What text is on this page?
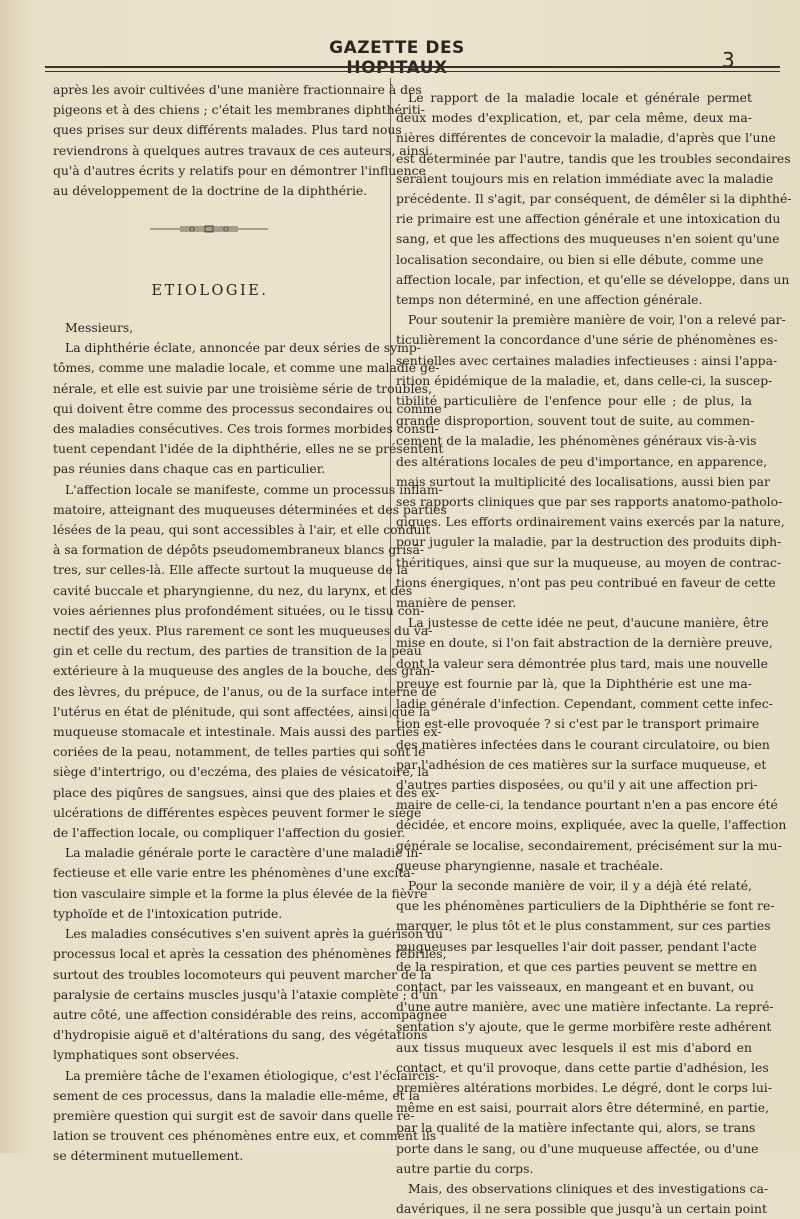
GAZETTE DES HOPITAUX	3
après les avoir cultivées d'une manière fractionnaire à des
pigeons et à des chiens ; c'était les membranes diphthériti-
ques prises sur deux différents malades. Plus tard nous
reviendrons à quelques autres travaux de ces auteurs, ainsi
qu'à d'autres écrits y relatifs pour en démontrer l'influence
au développement de la doctrine de la diphthérie.
ETIOLOGIE.
Messieurs,
La diphthérie éclate, annoncée par deux séries de symp-
tômes, comme une maladie locale, et comme une maladie gé-
nérale, et elle est suivie par une troisième série de troubles,
qui doivent être comme des processus secondaires ou comme
des maladies consécutives. Ces trois formes morbides consti-
tuent cependant l'idée de la diphthérie, elles ne se présentent
pas réunies dans chaque cas en particulier.
L'affection locale se manifeste, comme un processus inflam-
matoire, atteignant des muqueuses déterminées et des parties
lésées de la peau, qui sont accessibles à l'air, et elle conduit
à sa formation de dépôts pseudomembraneux blancs grisâ-
tres, sur celles-là. Elle affecte surtout la muqueuse de la
cavité buccale et pharyngienne, du nez, du larynx, et des
voies aériennes plus profondément situées, ou le tissu con-
nectif des yeux. Plus rarement ce sont les muqueuses du va-
gin et celle du rectum, des parties de transition de la peau
extérieure à la muqueuse des angles de la bouche, des gran-
des lèvres, du prépuce, de l'anus, ou de la surface interne de
l'utérus en état de plénitude, qui sont affectées, ainsi que la
muqueuse stomacale et intestinale. Mais aussi des parties ex-
coriées de la peau, notamment, de telles parties qui sont le
siège d'intertrigo, ou d'eczéma, des plaies de vésicatoire, la
place des piqûres de sangsues, ainsi que des plaies et des ex-
ulcérations de différentes espèces peuvent former le siège
de l'affection locale, ou compliquer l'affection du gosier.
La maladie générale porte le caractère d'une maladie in-
fectieuse et elle varie entre les phénomènes d'une excita-
tion vasculaire simple et la forme la plus élevée de la fièvre
typhoïde et de l'intoxication putride.
Les maladies consécutives s'en suivent après la guérison du
processus local et après la cessation des phénomènes fébriles,
surtout des troubles locomoteurs qui peuvent marcher de la
paralysie de certains muscles jusqu'à l'ataxie complète ; d'un
autre côté, une affection considérable des reins, accompagnée
d'hydropisie aiguë et d'altérations du sang, des végétations
lymphatiques sont observées.
La première tâche de l'examen étiologique, c'est l'éclaircis-
sement de ces processus, dans la maladie elle-même, et la
première question qui surgit est de savoir dans quelle re-
lation se trouvent ces phénomènes entre eux, et comment ils
se déterminent mutuellement.
Le rapport de la maladie locale et générale permet
deux modes d'explication, et, par cela même, deux ma-
nières différentes de concevoir la maladie, d'après que l'une
est déterminée par l'autre, tandis que les troubles secondaires
seraient toujours mis en relation immédiate avec la maladie
précédente. Il s'agit, par conséquent, de démêler si la diphthé-
rie primaire est une affection générale et une intoxication du
sang, et que les affections des muqueuses n'en soient qu'une
localisation secondaire, ou bien si elle débute, comme une
affection locale, par infection, et qu'elle se développe, dans un
temps non déterminé, en une affection générale.
Pour soutenir la première manière de voir, l'on a relevé par-
ticulièrement la concordance d'une série de phénomènes es-
sentielles avec certaines maladies infectieuses : ainsi l'appa-
rition épidémique de la maladie, et, dans celle-ci, la suscep-
tibilité particulière de l'enfence pour elle ; de plus, la
grande disproportion, souvent tout de suite, au commen-
cement de la maladie, les phénomènes généraux vis-à-vis
des altérations locales de peu d'importance, en apparence,
mais surtout la multiplicité des localisations, aussi bien par
ses rapports cliniques que par ses rapports anatomo-patholo-
giques. Les efforts ordinairement vains exercés par la nature,
pour juguler la maladie, par la destruction des produits diph-
théritiques, ainsi que sur la muqueuse, au moyen de contrac-
tions énergiques, n'ont pas peu contribué en faveur de cette
manière de penser.
La justesse de cette idée ne peut, d'aucune manière, être
mise en doute, si l'on fait abstraction de la dernière preuve,
dont la valeur sera démontrée plus tard, mais une nouvelle
preuve est fournie par là, que la Diphthérie est une ma-
ladie générale d'infection. Cependant, comment cette infec-
tion est-elle provoquée ? si c'est par le transport primaire
des matières infectées dans le courant circulatoire, ou bien
par l'adhésion de ces matières sur la surface muqueuse, et
d'autres parties disposées, ou qu'il y ait une affection pri-
maire de celle-ci, la tendance pourtant n'en a pas encore été
décidée, et encore moins, expliquée, avec la quelle, l'affection
générale se localise, secondairement, précisément sur la mu-
queuse pharyngienne, nasale et trachéale.
Pour la seconde manière de voir, il y a déjà été relaté,
que les phénomènes particuliers de la Diphthérie se font re-
marquer, le plus tôt et le plus constamment, sur ces parties
muqueuses par lesquelles l'air doit passer, pendant l'acte
de la respiration, et que ces parties peuvent se mettre en
contact, par les vaisseaux, en mangeant et en buvant, ou
d'une autre manière, avec une matière infectante. La repré-
sentation s'y ajoute, que le germe morbifère reste adhérent
aux tissus muqueux avec lesquels il est mis d'abord en
contact, et qu'il provoque, dans cette partie d'adhésion, les
premières altérations morbides. Le dégré, dont le corps lui-
même en est saisi, pourrait alors être déterminé, en partie,
par la qualité de la matière infectante qui, alors, se trans
porte dans le sang, ou d'une muqueuse affectée, ou d'une
autre partie du corps.
Mais, des observations cliniques et des investigations ca-
davériques, il ne sera possible que jusqu'à un certain point
